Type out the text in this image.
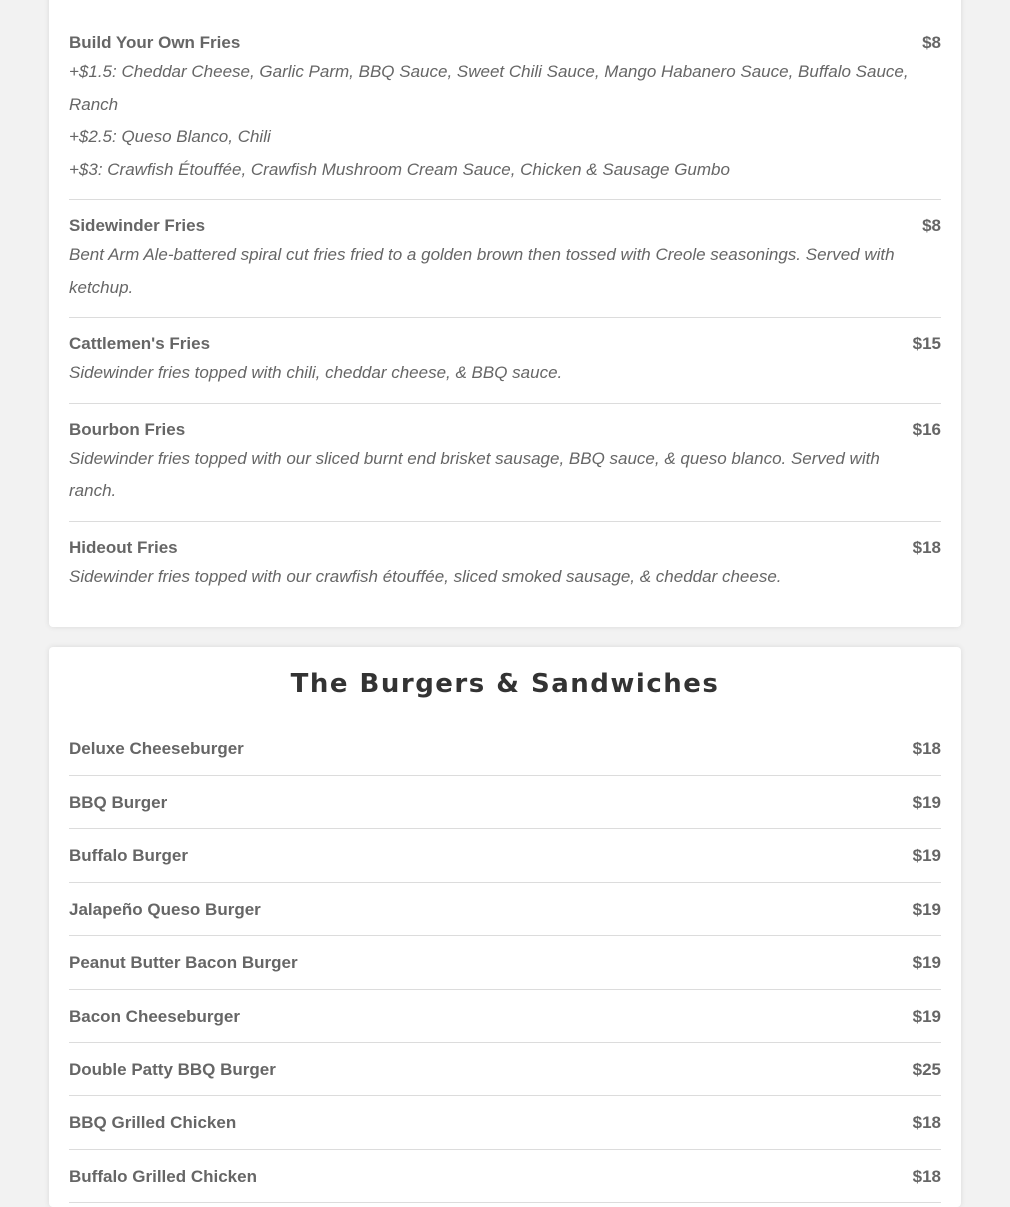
Build Your Own Fries	$8

+$1.5: Cheddar Cheese, Garlic Parm, BBQ Sauce, Sweet Chili Sauce, Mango Habanero Sauce, Buffalo Sauce, Ranch

+$2.5: Queso Blanco, Chili

+$3: Crawfish Étouffée, Crawfish Mushroom Cream Sauce, Chicken & Sausage Gumbo

Sidewinder Fries	$8
Bent Arm Ale-battered spiral cut fries fried to a golden brown then tossed with Creole seasonings. Served with ketchup.
Cattlemen's Fries	$15
Sidewinder fries topped with chili, cheddar cheese, & BBQ sauce.
Bourbon Fries	$16
Sidewinder fries topped with our sliced burnt end brisket sausage, BBQ sauce, & queso blanco. Served with ranch.
Hideout Fries	$18
Sidewinder fries topped with our crawfish étouffée, sliced smoked sausage, & cheddar cheese.
The Burgers & Sandwiches
Deluxe Cheeseburger	$18
BBQ Burger	$19
Buffalo Burger	$19
Jalapeño Queso Burger	$19
Peanut Butter Bacon Burger	$19
Bacon Cheeseburger	$19
Double Patty BBQ Burger	$25
BBQ Grilled Chicken	$18
Buffalo Grilled Chicken	$18
